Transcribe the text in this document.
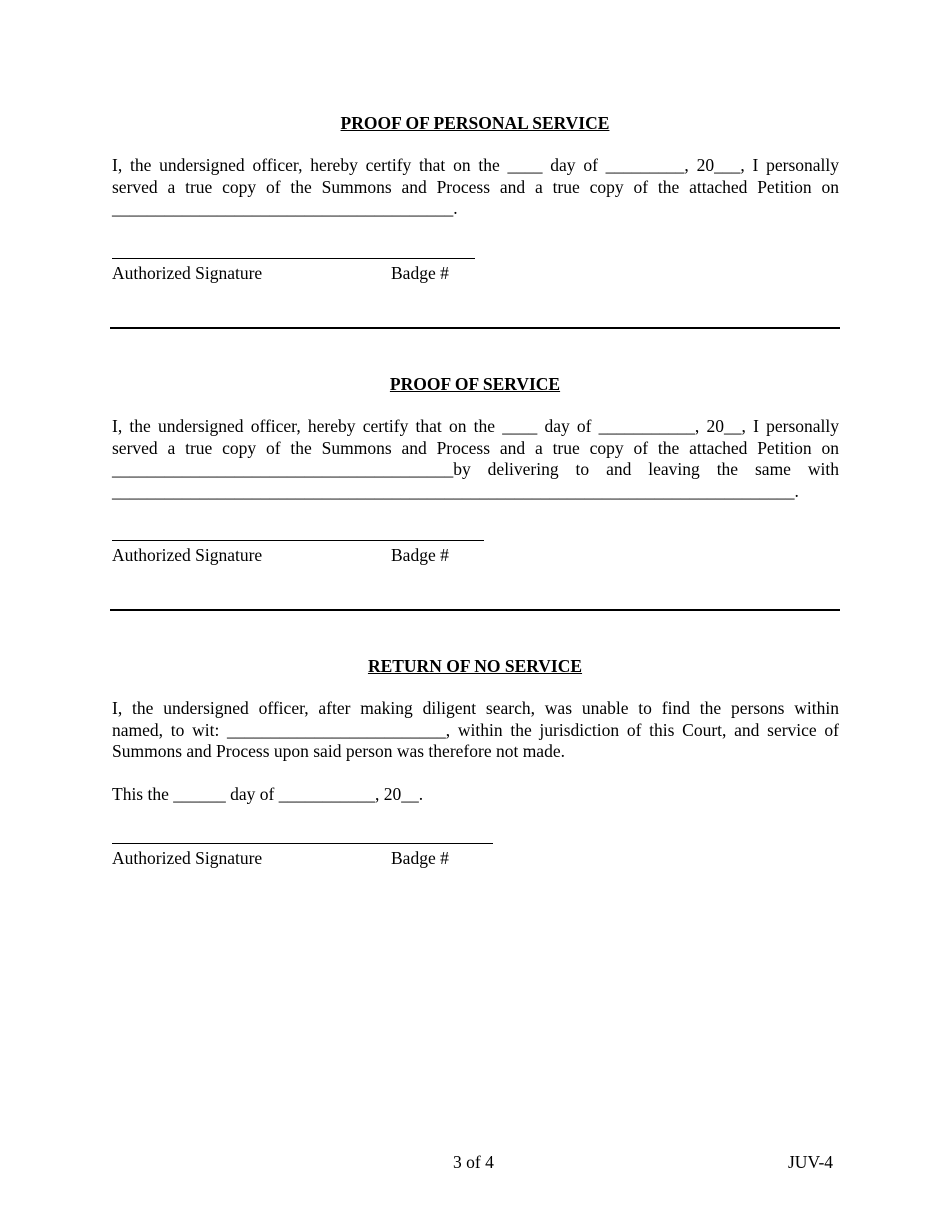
PROOF OF PERSONAL SERVICE
I, the undersigned officer, hereby certify that on the ____ day of _________, 20___, I personally
served a true copy of the Summons and Process and a true copy of the attached Petition on
_______________________________________.
Authorized Signature	Badge #
PROOF OF SERVICE
I, the undersigned officer, hereby certify that on the ____ day of ___________, 20__, I personally
served a true copy of the Summons and Process and a true copy of the attached Petition on
_______________________________________by delivering to and leaving the same with
______________________________________________________________________________.
Authorized Signature	Badge #
RETURN OF NO SERVICE
I, the undersigned officer, after making diligent search, was unable to find the persons within
named, to wit: _________________________, within the jurisdiction of this Court, and service of
Summons and Process upon said person was therefore not made.
This the ______ day of ___________, 20__.
Authorized Signature	Badge #
3 of 4	JUV-4
